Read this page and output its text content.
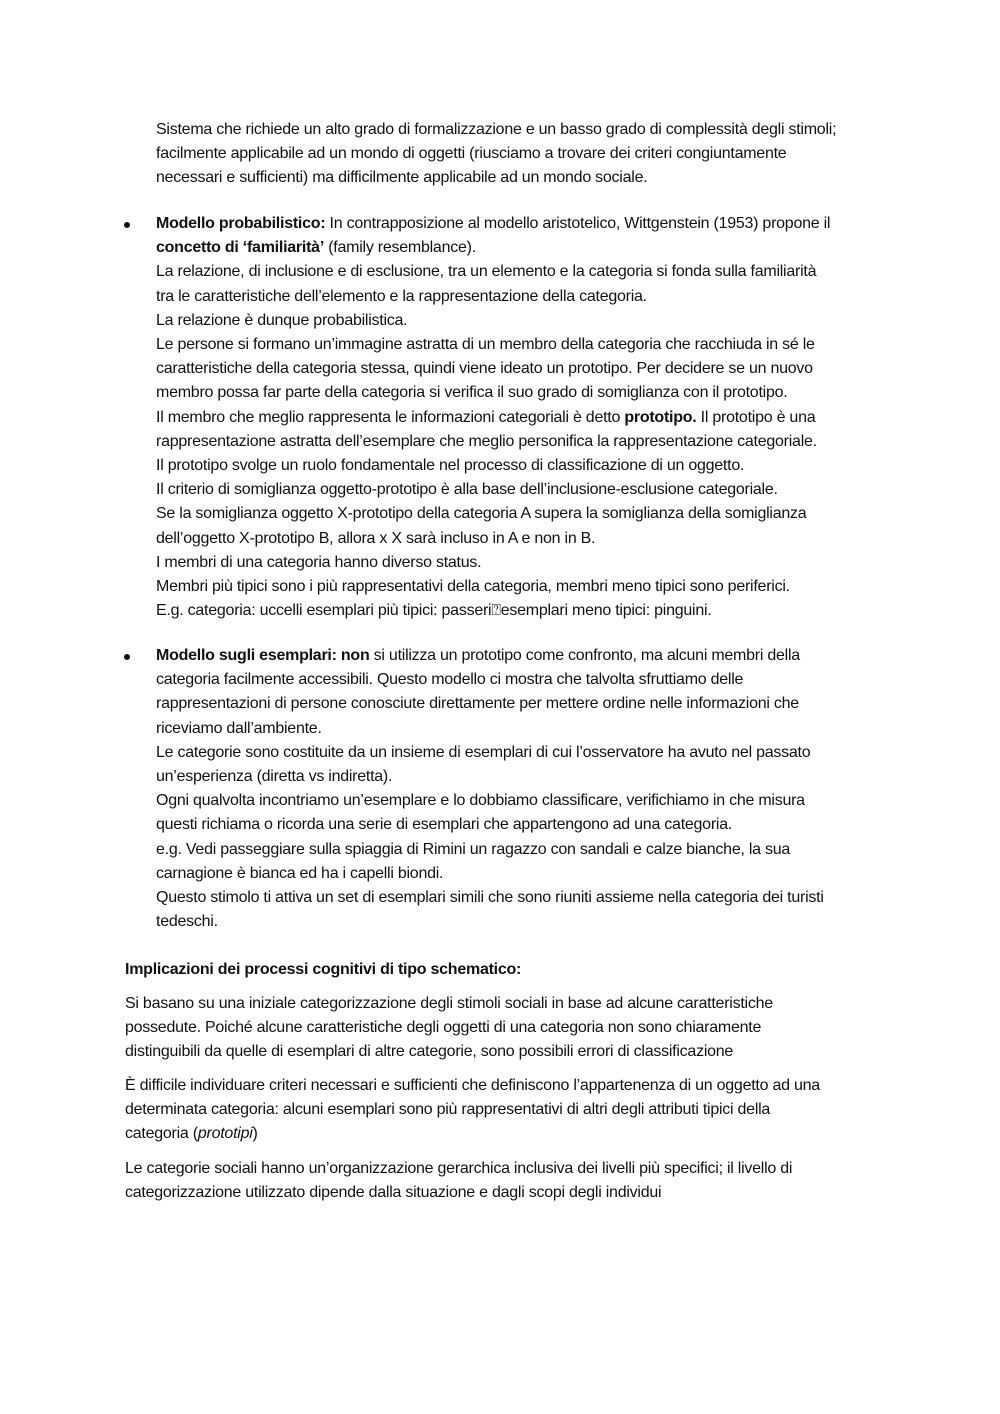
Sistema che richiede un alto grado di formalizzazione e un basso grado di complessità degli stimoli;
facilmente applicabile ad un mondo di oggetti (riusciamo a trovare dei criteri congiuntamente
necessari e sufficienti) ma difficilmente applicabile ad un mondo sociale.
Modello probabilistico: In contrapposizione al modello aristotelico, Wittgenstein (1953) propone il
concetto di ‘familiarità’ (family resemblance).
La relazione, di inclusione e di esclusione, tra un elemento e la categoria si fonda sulla familiarità
tra le caratteristiche dell’elemento e la rappresentazione della categoria.
La relazione è dunque probabilistica.
Le persone si formano un’immagine astratta di un membro della categoria che racchiuda in sé le
caratteristiche della categoria stessa, quindi viene ideato un prototipo. Per decidere se un nuovo
membro possa far parte della categoria si verifica il suo grado di somiglianza con il prototipo.
Il membro che meglio rappresenta le informazioni categoriali è detto prototipo. Il prototipo è una
rappresentazione astratta dell’esemplare che meglio personifica la rappresentazione categoriale.
Il prototipo svolge un ruolo fondamentale nel processo di classificazione di un oggetto.
Il criterio di somiglianza oggetto-prototipo è alla base dell’inclusione-esclusione categoriale.
Se la somiglianza oggetto X-prototipo della categoria A supera la somiglianza della somiglianza
dell’oggetto X-prototipo B, allora x X sarà incluso in A e non in B.
I membri di una categoria hanno diverso status.
Membri più tipici sono i più rappresentativi della categoria, membri meno tipici sono periferici.
E.g. categoria: uccelli esemplari più tipici: passeri⍰esemplari meno tipici: pinguini.
Modello sugli esemplari: non si utilizza un prototipo come confronto, ma alcuni membri della
categoria facilmente accessibili. Questo modello ci mostra che talvolta sfruttiamo delle
rappresentazioni di persone conosciute direttamente per mettere ordine nelle informazioni che
riceviamo dall’ambiente.
Le categorie sono costituite da un insieme di esemplari di cui l’osservatore ha avuto nel passato
un’esperienza (diretta vs indiretta).
Ogni qualvolta incontriamo un’esemplare e lo dobbiamo classificare, verifichiamo in che misura
questi richiama o ricorda una serie di esemplari che appartengono ad una categoria.
e.g. Vedi passeggiare sulla spiaggia di Rimini un ragazzo con sandali e calze bianche, la sua
carnagione è bianca ed ha i capelli biondi.
Questo stimolo ti attiva un set di esemplari simili che sono riuniti assieme nella categoria dei turisti
tedeschi.
Implicazioni dei processi cognitivi di tipo schematico:
Si basano su una iniziale categorizzazione degli stimoli sociali in base ad alcune caratteristiche
possedute. Poiché alcune caratteristiche degli oggetti di una categoria non sono chiaramente
distinguibili da quelle di esemplari di altre categorie, sono possibili errori di classificazione
È difficile individuare criteri necessari e sufficienti che definiscono l’appartenenza di un oggetto ad una
determinata categoria: alcuni esemplari sono più rappresentativi di altri degli attributi tipici della
categoria (prototipi)
Le categorie sociali hanno un’organizzazione gerarchica inclusiva dei livelli più specifici; il livello di
categorizzazione utilizzato dipende dalla situazione e dagli scopi degli individui
